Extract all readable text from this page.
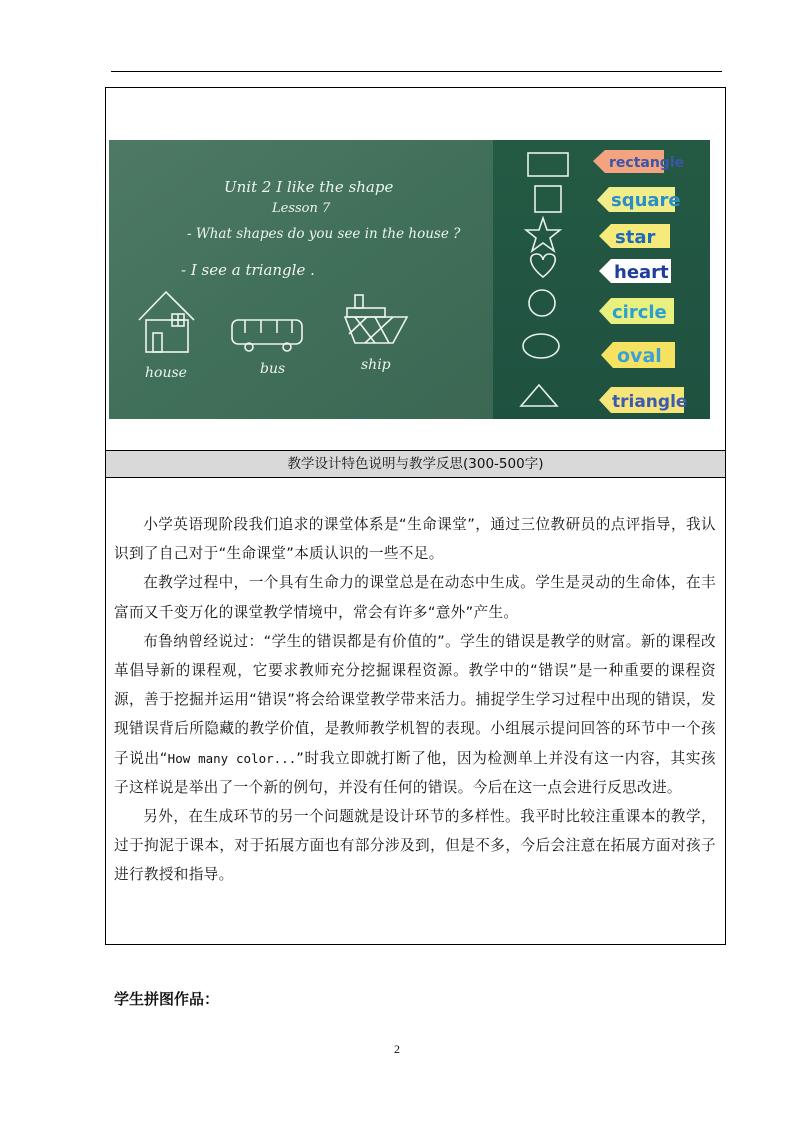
Unit 2 I like the shape
Lesson 7
- What shapes do you see in the house ?
- I see a triangle .
house	bus	ship
rectangle
square
star
heart
circle
oval
triangle
教学设计特色说明与教学反思(300-500字)

小学英语现阶段我们追求的课堂体系是“生命课堂”，通过三位教研员的点评指导，我认识到了自己对于“生命课堂”本质认识的一些不足。

在教学过程中，一个具有生命力的课堂总是在动态中生成。学生是灵动的生命体，在丰富而又千变万化的课堂教学情境中，常会有许多“意外”产生。

布鲁纳曾经说过：“学生的错误都是有价值的”。学生的错误是教学的财富。新的课程改革倡导新的课程观，它要求教师充分挖掘课程资源。教学中的“错误”是一种重要的课程资源，善于挖掘并运用“错误”将会给课堂教学带来活力。捕捉学生学习过程中出现的错误，发现错误背后所隐藏的教学价值，是教师教学机智的表现。小组展示提问回答的环节中一个孩子说出“How many color...”时我立即就打断了他，因为检测单上并没有这一内容，其实孩子这样说是举出了一个新的例句，并没有任何的错误。今后在这一点会进行反思改进。

另外，在生成环节的另一个问题就是设计环节的多样性。我平时比较注重课本的教学，过于拘泥于课本，对于拓展方面也有部分涉及到，但是不多，今后会注意在拓展方面对孩子进行教授和指导。

学生拼图作品：
2
